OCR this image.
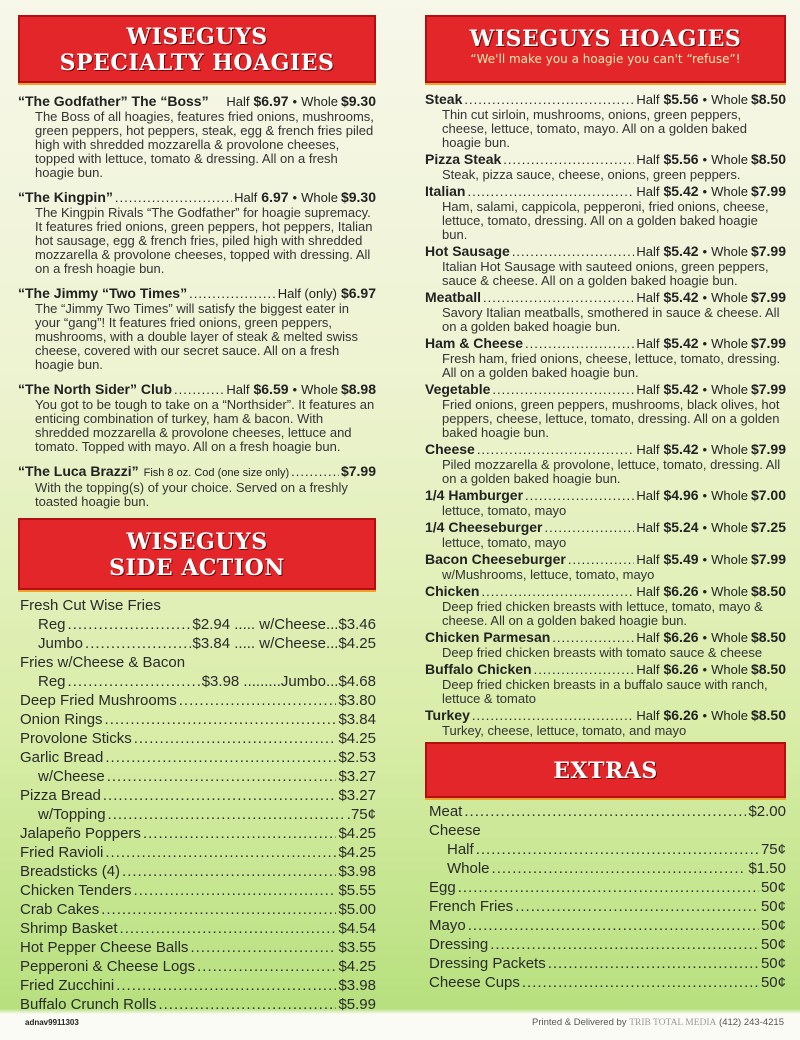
WISEGUYS
SPECIALTY HOAGIES
“The Godfather” The “Boss” Half $6.97 • Whole $9.30
The Boss of all hoagies, features fried onions, mushrooms, green peppers, hot peppers, steak, egg & french fries piled high with shredded mozzarella & provolone cheeses, topped with lettuce, tomato & dressing. All on a fresh hoagie bun.
“The Kingpin” .....	Half 6.97 • Whole $9.30
The Kingpin Rivals “The Godfather” for hoagie supremacy. It features fried onions, green peppers, hot peppers, Italian hot sausage, egg & french fries, piled high with shredded mozzarella & provolone cheeses, topped with dressing. All on a fresh hoagie bun.
“The Jimmy “Two Times” .....	Half (only) $6.97
The “Jimmy Two Times” will satisfy the biggest eater in your “gang”! It features fried onions, green peppers, mushrooms, with a double layer of steak & melted swiss cheese, covered with our secret sauce. All on a fresh hoagie bun.
“The North Sider” Club .....	Half $6.59 • Whole $8.98
You got to be tough to take on a “Northsider”. It features an enticing combination of turkey, ham & bacon. With shredded mozzarella & provolone cheeses, lettuce and tomato. Topped with mayo. All on a fresh hoagie bun.
“The Luca Brazzi” Fish 8 oz. Cod (one size only) .....	$7.99
With the topping(s) of your choice. Served on a freshly toasted hoagie bun.
WISEGUYS
SIDE ACTION
Fresh Cut Wise Fries
Reg .....	$2.94 ..... w/Cheese...$3.46
Jumbo .....	$3.84 ..... w/Cheese...$4.25
Fries w/Cheese & Bacon
Reg .....	$3.98 .........Jumbo...$4.68
Deep Fried Mushrooms .....	$3.80
Onion Rings .....	$3.84
Provolone Sticks .....	$4.25
Garlic Bread .....	$2.53
w/Cheese .....	$3.27
Pizza Bread .....	$3.27
w/Topping .....	.75¢
Jalapeño Poppers .....	$4.25
Fried Ravioli .....	$4.25
Breadsticks (4) .....	$3.98
Chicken Tenders .....	$5.55
Crab Cakes .....	$5.00
Shrimp Basket .....	$4.54
Hot Pepper Cheese Balls .....	$3.55
Pepperoni & Cheese Logs .....	$4.25
Fried Zucchini .....	$3.98
Buffalo Crunch Rolls .....	$5.99
WISEGUYS HOAGIES
“We'll make you a hoagie you can't “refuse”!
Steak .....	Half $5.56 • Whole $8.50
Thin cut sirloin, mushrooms, onions, green peppers, cheese, lettuce, tomato, mayo. All on a golden baked hoagie bun.
Pizza Steak .....	Half $5.56 • Whole $8.50
Steak, pizza sauce, cheese, onions, green peppers.
Italian .....	Half $5.42 • Whole $7.99
Ham, salami, cappicola, pepperoni, fried onions, cheese, lettuce, tomato, dressing. All on a golden baked hoagie bun.
Hot Sausage .....	Half $5.42 • Whole $7.99
Italian Hot Sausage with sauteed onions, green peppers, sauce & cheese. All on a golden baked hoagie bun.
Meatball .....	Half $5.42 • Whole $7.99
Savory Italian meatballs, smothered in sauce & cheese. All on a golden baked hoagie bun.
Ham & Cheese .....	Half $5.42 • Whole $7.99
Fresh ham, fried onions, cheese, lettuce, tomato, dressing. All on a golden baked hoagie bun.
Vegetable .....	Half $5.42 • Whole $7.99
Fried onions, green peppers, mushrooms, black olives, hot peppers, cheese, lettuce, tomato, dressing. All on a golden baked hoagie bun.
Cheese .....	Half $5.42 • Whole $7.99
Piled mozzarella & provolone, lettuce, tomato, dressing. All on a golden baked hoagie bun.
1/4 Hamburger .....	Half $4.96 • Whole $7.00
lettuce, tomato, mayo
1/4 Cheeseburger .....	Half $5.24 • Whole $7.25
lettuce, tomato, mayo
Bacon Cheeseburger .....	Half $5.49 • Whole $7.99
w/Mushrooms, lettuce, tomato, mayo
Chicken .....	Half $6.26 • Whole $8.50
Deep fried chicken breasts with lettuce, tomato, mayo & cheese. All on a golden baked hoagie bun.
Chicken Parmesan .....	Half $6.26 • Whole $8.50
Deep fried chicken breasts with tomato sauce & cheese
Buffalo Chicken .....	Half $6.26 • Whole $8.50
Deep fried chicken breasts in a buffalo sauce with ranch, lettuce & tomato
Turkey .....	Half $6.26 • Whole $8.50
Turkey, cheese, lettuce, tomato, and mayo
EXTRAS
Meat .....	$2.00
Cheese
Half .....	75¢
Whole .....	$1.50
Egg .....	50¢
French Fries .....	50¢
Mayo .....	50¢
Dressing .....	50¢
Dressing Packets .....	50¢
Cheese Cups .....	50¢
adnav9911303	Printed & Delivered by TRIB TOTAL MEDIA (412) 243-4215
